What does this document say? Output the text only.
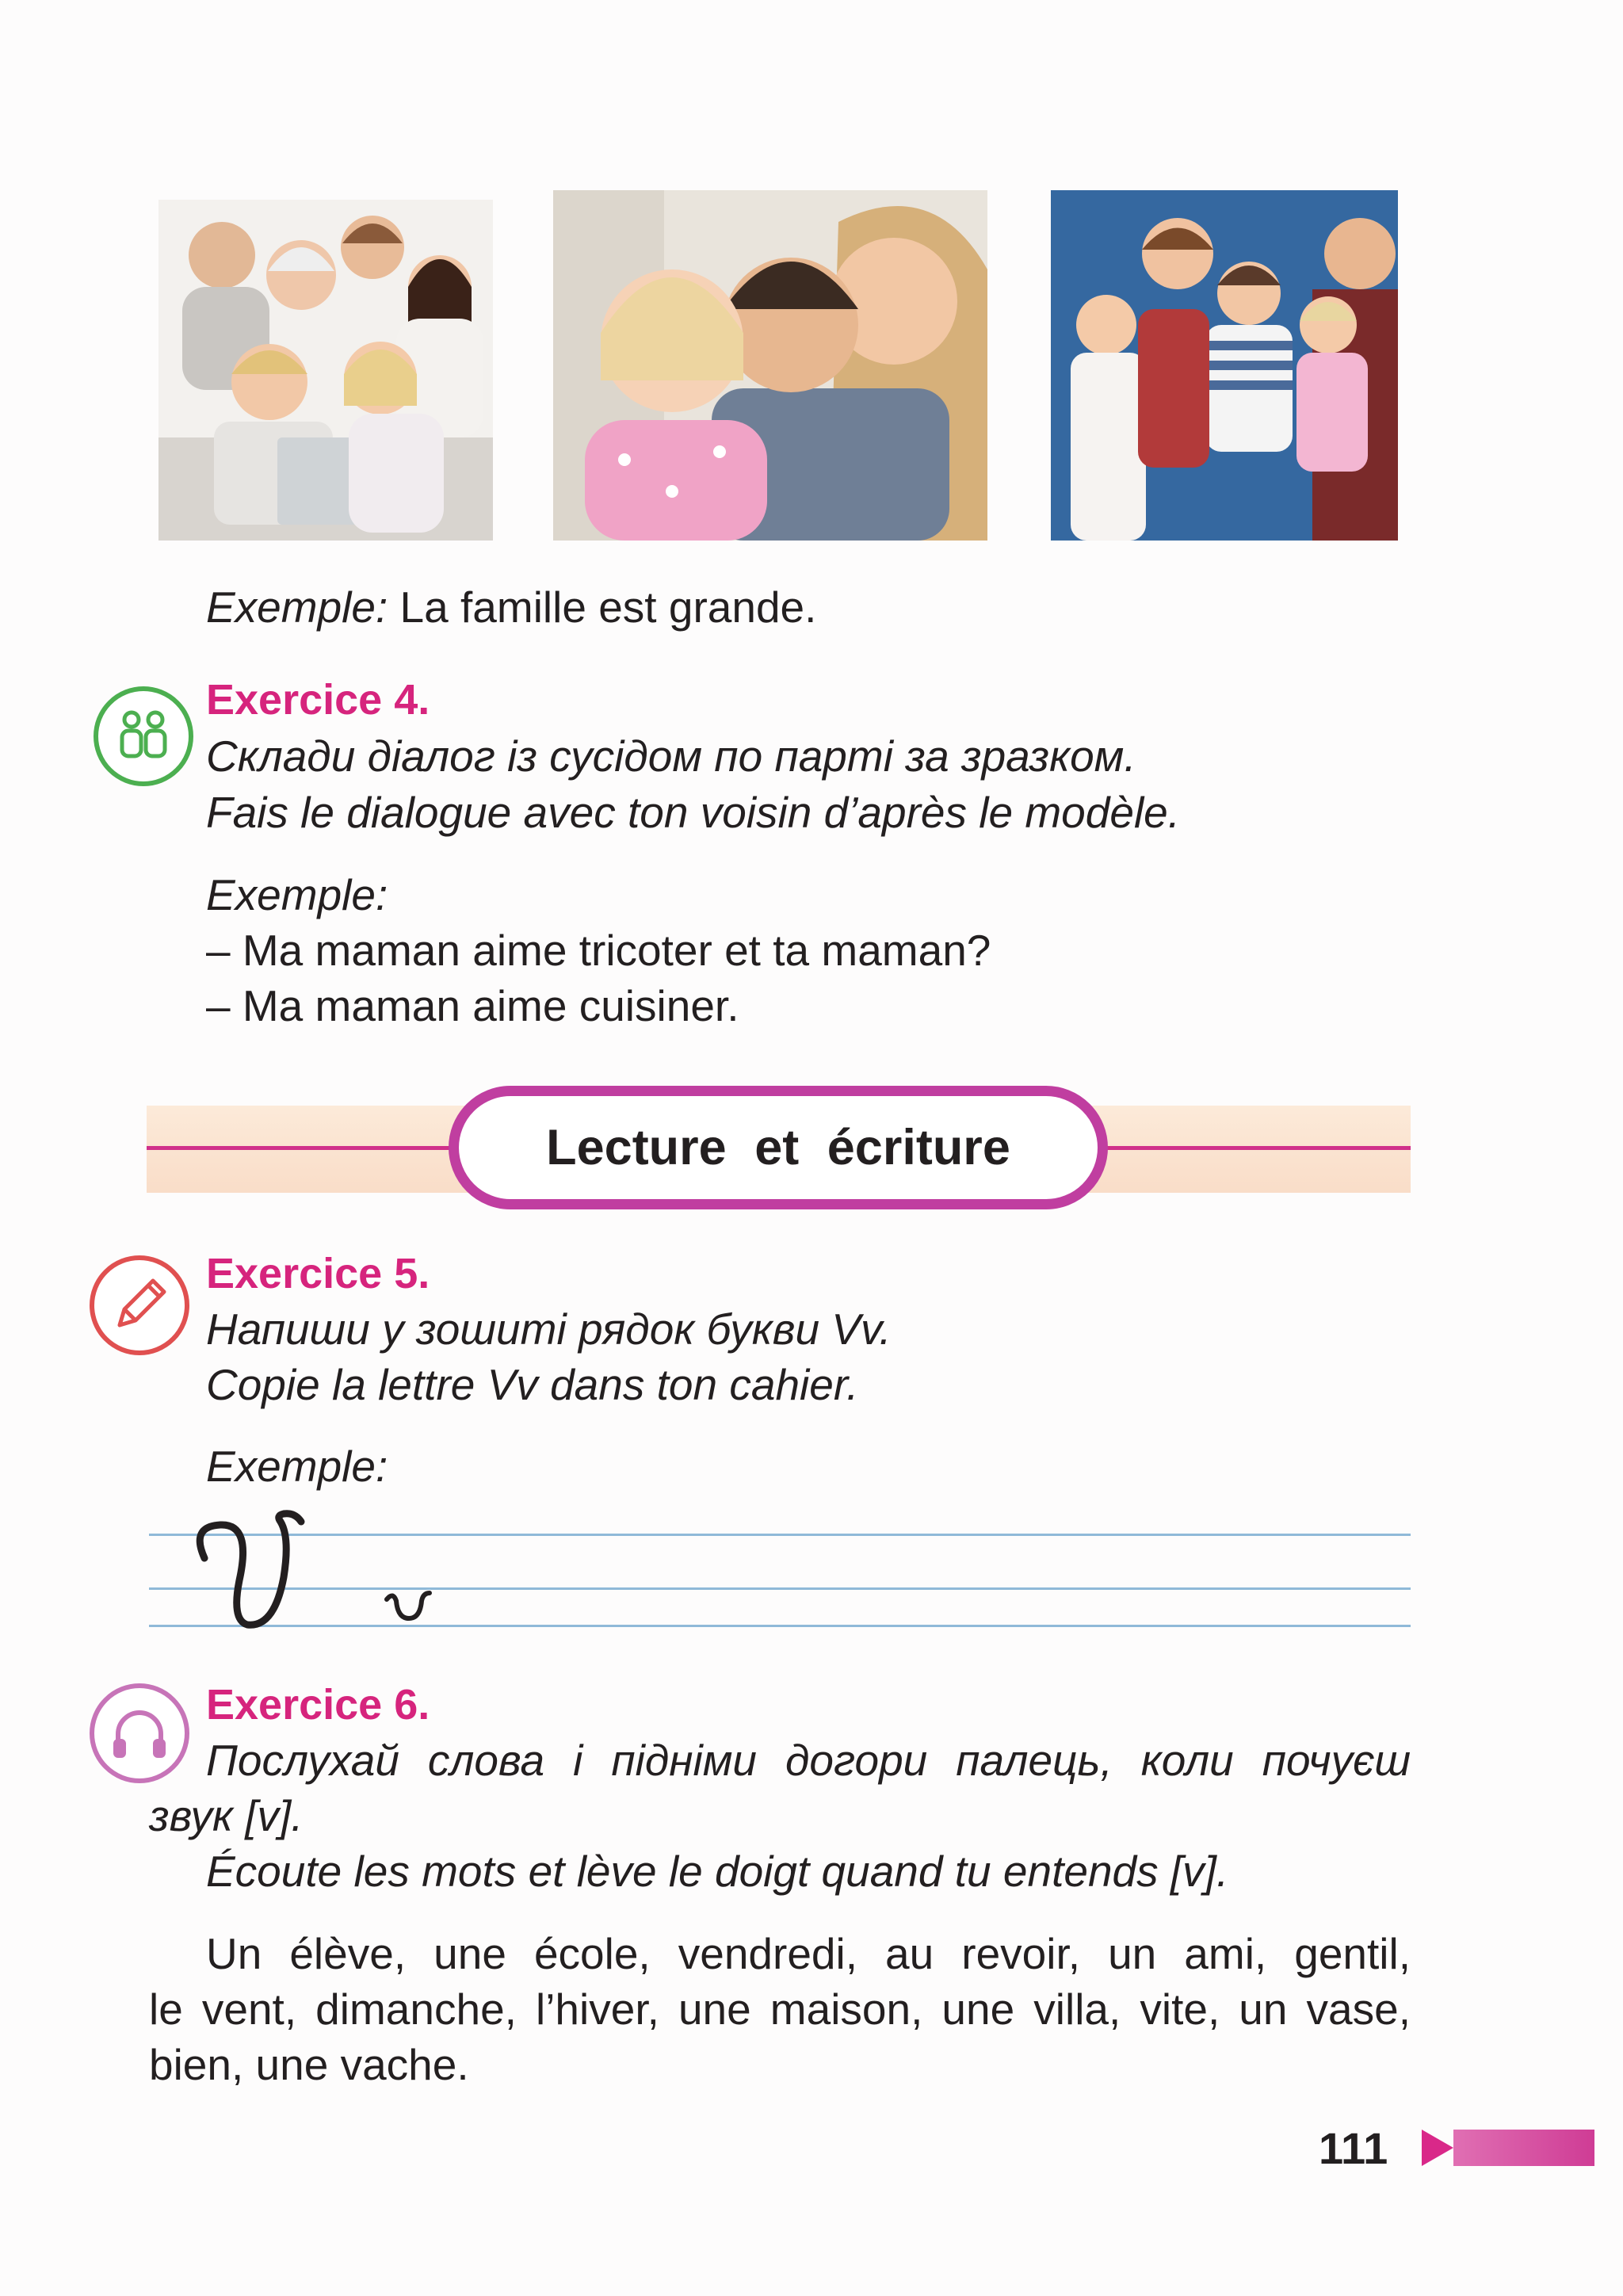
Exemple: La famille est grande.
Exercice 4.
Склади діалог із сусідом по парті за зразком.
Fais le dialogue avec ton voisin d’après le modèle.
Exemple:
– Ma maman aime tricoter et ta maman?
– Ma maman aime cuisiner.
Lecture et écriture
Exercice 5.
Напиши у зошиті рядок букви Vv.
Copie la lettre Vv dans ton cahier.
Exemple:
Exercice 6.
Послухай слова і підніми догори палець, коли почуєш
звук [v].
Écoute les mots et lève le doigt quand tu entends [v].
Un élève, une école, vendredi, au revoir, un ami, gentil,
le vent, dimanche, l’hiver, une maison, une villa, vite, un vase,
bien, une vache.
111
